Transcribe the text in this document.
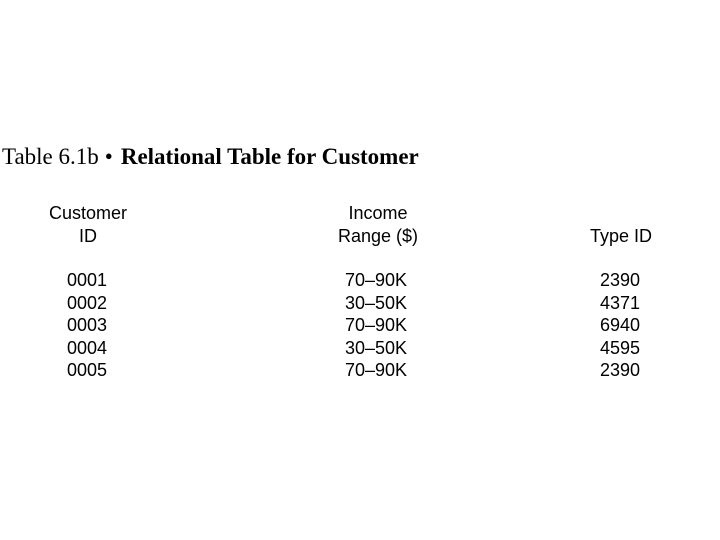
Table 6.1b • Relational Table for Customer
Customer
ID
Income
Range ($)	Type ID
0001
0002
0003
0004
0005
70–90K
30–50K
70–90K
30–50K
70–90K
2390
4371
6940
4595
2390
